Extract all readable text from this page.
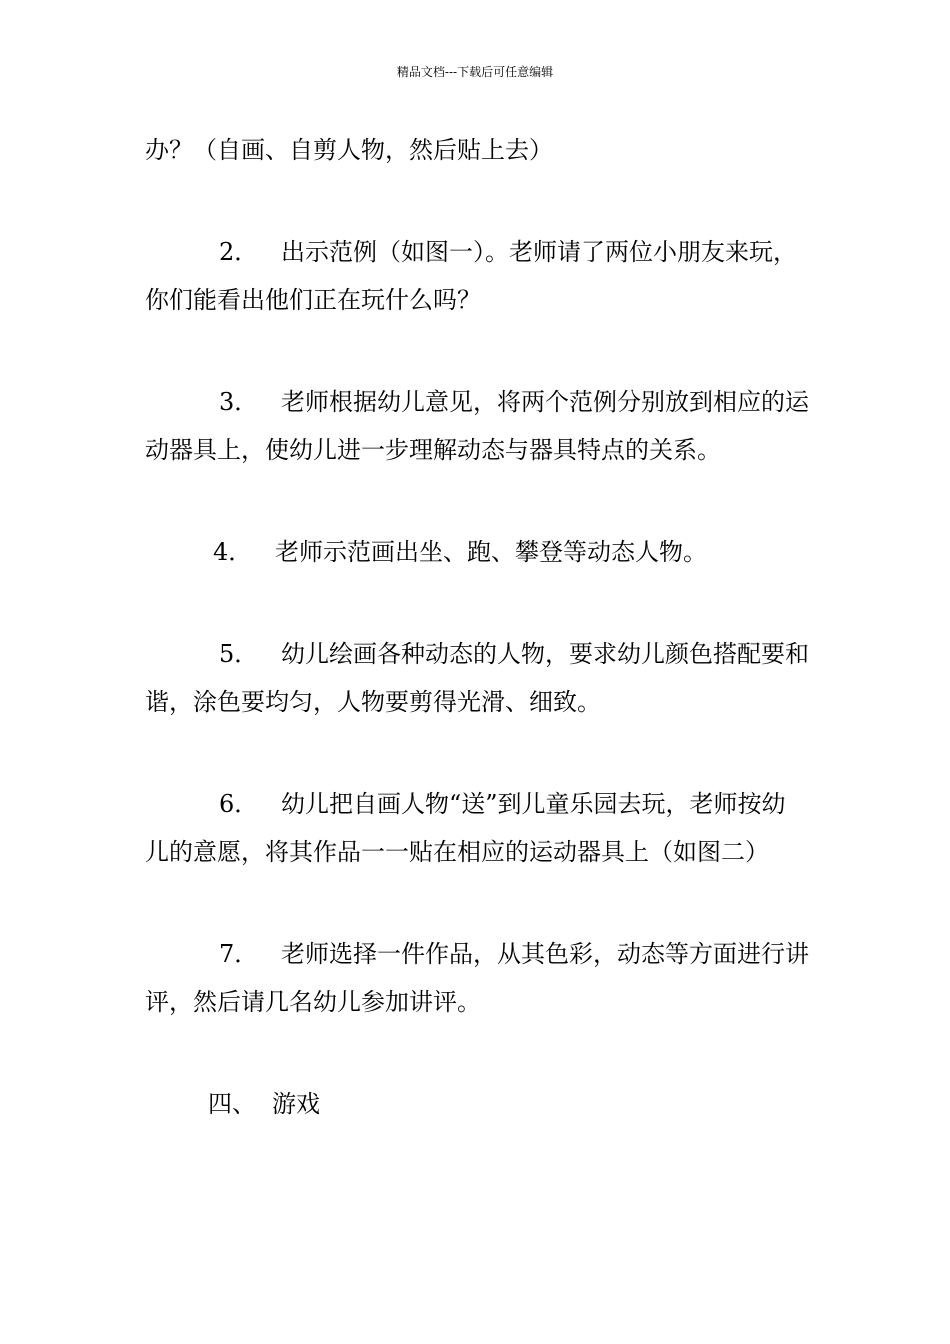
精品文档---下载后可任意编辑

办？（自画、自剪人物，然后贴上去）

2． 出示范例（如图一）。老师请了两位小朋友来玩，你们能看出他们正在玩什么吗？

3． 老师根据幼儿意见，将两个范例分别放到相应的运动器具上，使幼儿进一步理解动态与器具特点的关系。

4． 老师示范画出坐、跑、攀登等动态人物。

5． 幼儿绘画各种动态的人物，要求幼儿颜色搭配要和谐，涂色要均匀，人物要剪得光滑、细致。

6． 幼儿把自画人物“送”到儿童乐园去玩，老师按幼儿的意愿，将其作品一一贴在相应的运动器具上（如图二）

7． 老师选择一件作品，从其色彩，动态等方面进行讲评，然后请几名幼儿参加讲评。

四、 游戏
